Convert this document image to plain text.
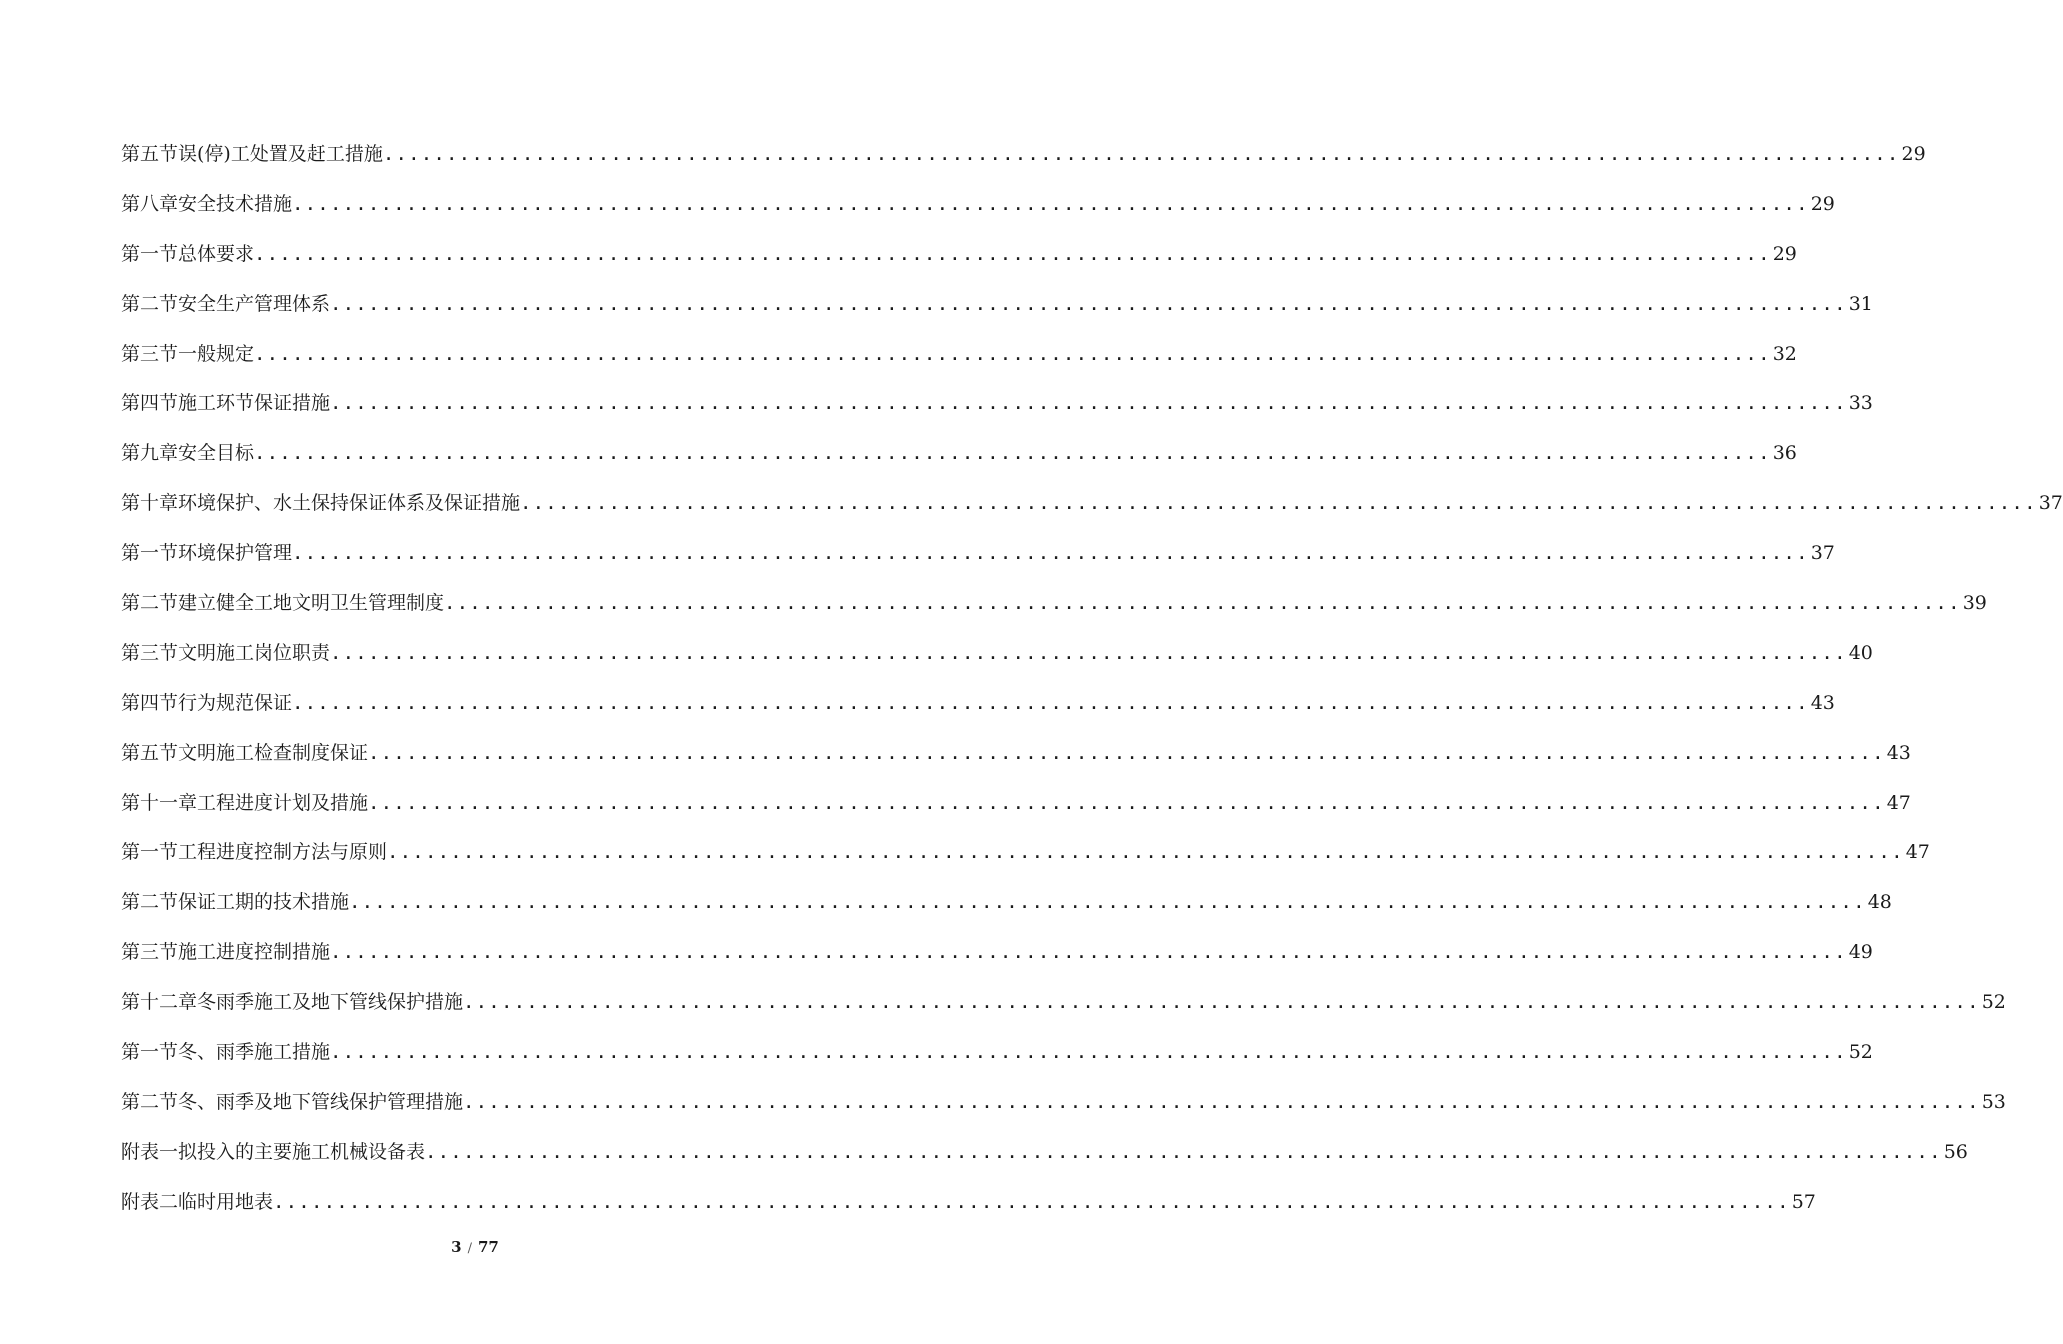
第五节 误(停)工处置及赶工措施 ........................................................................................................................ 29
第八章 安全技术措施 ........................................................................................................................ 29
第一节 总体要求 ........................................................................................................................ 29
第二节 安全生产管理体系 ........................................................................................................................ 31
第三节 一般规定 ........................................................................................................................ 32
第四节 施工环节保证措施 ........................................................................................................................ 33
第九章 安全目标 ........................................................................................................................ 36
第十章 环境保护、水土保持保证体系及保证措施 ........................................................................................................................ 37
第一节 环境保护管理 ........................................................................................................................ 37
第二节 建立健全工地文明卫生管理制度 ........................................................................................................................ 39
第三节 文明施工岗位职责 ........................................................................................................................ 40
第四节 行为规范保证 ........................................................................................................................ 43
第五节 文明施工检查制度保证 ........................................................................................................................ 43
第十一章 工程进度计划及措施 ........................................................................................................................ 47
第一节 工程进度控制方法与原则 ........................................................................................................................ 47
第二节 保证工期的技术措施 ........................................................................................................................ 48
第三节 施工进度控制措施 ........................................................................................................................ 49
第十二章 冬雨季施工及地下管线保护措施 ........................................................................................................................ 52
第一节 冬、雨季施工措施 ........................................................................................................................ 52
第二节 冬、雨季及地下管线保护管理措施 ........................................................................................................................ 53
附表一 拟投入的主要施工机械设备表 ........................................................................................................................ 56
附表二 临时用地表 ........................................................................................................................ 57
3 / 77
